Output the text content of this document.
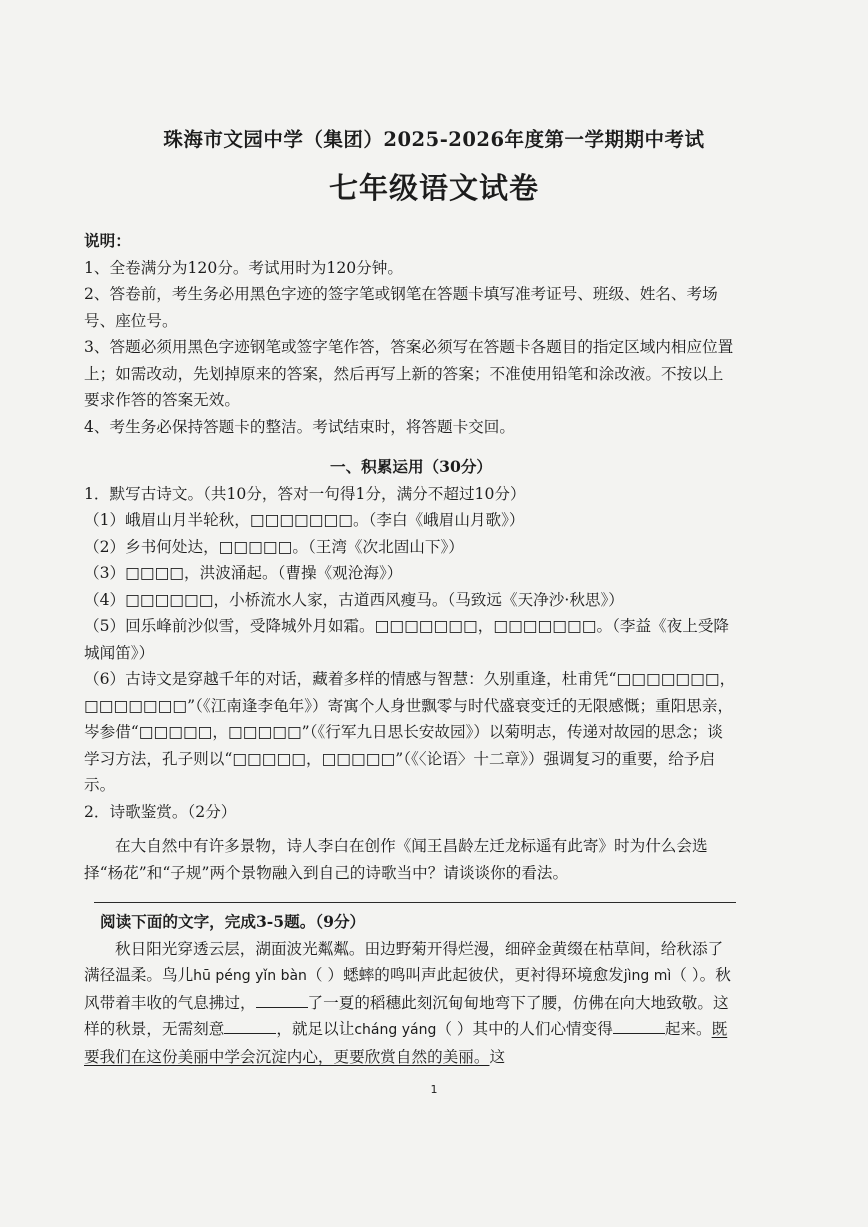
珠海市文园中学（集团）2025-2026年度第一学期期中考试
七年级语文试卷

说明：

1、全卷满分为120分。考试用时为120分钟。

2、答卷前，考生务必用黑色字迹的签字笔或钢笔在答题卡填写准考证号、班级、姓名、考场号、座位号。

3、答题必须用黑色字迹钢笔或签字笔作答，答案必须写在答题卡各题目的指定区域内相应位置上；如需改动，先划掉原来的答案，然后再写上新的答案；不准使用铅笔和涂改液。不按以上要求作答的答案无效。

4、考生务必保持答题卡的整洁。考试结束时，将答题卡交回。

一、积累运用（30分）

1．默写古诗文。（共10分，答对一句得1分，满分不超过10分）

（1）峨眉山月半轮秋，□□□□□□□。（李白《峨眉山月歌》）

（2）乡书何处达，□□□□□。（王湾《次北固山下》）

（3）□□□□，洪波涌起。（曹操《观沧海》）

（4）□□□□□□，小桥流水人家，古道西风瘦马。（马致远《天净沙·秋思》）

（5）回乐峰前沙似雪，受降城外月如霜。□□□□□□□，□□□□□□□。（李益《夜上受降城闻笛》）

（6）古诗文是穿越千年的对话，藏着多样的情感与智慧：久别重逢，杜甫凭“□□□□□□□，□□□□□□□”（《江南逢李龟年》）寄寓个人身世飘零与时代盛衰变迁的无限感慨；重阳思亲，岑参借“□□□□□，□□□□□”（《行军九日思长安故园》）以菊明志，传递对故园的思念；谈学习方法，孔子则以“□□□□□，□□□□□”（《〈论语〉十二章》）强调复习的重要，给予启示。

2．诗歌鉴赏。（2分）

在大自然中有许多景物，诗人李白在创作《闻王昌龄左迁龙标遥有此寄》时为什么会选择“杨花”和“子规”两个景物融入到自己的诗歌当中？请谈谈你的看法。

阅读下面的文字，完成3-5题。（9分）

秋日阳光穿透云层，湖面波光粼粼。田边野菊开得烂漫，细碎金黄缀在枯草间，给秋添了满径温柔。鸟儿hū péng yǐn bàn（ ）蟋蟀的鸣叫声此起彼伏，更衬得环境愈发jìng mì（ ）。秋风带着丰收的气息拂过，	了一夏的稻穗此刻沉甸甸地弯下了腰，仿佛在向大地致敬。这样的秋景，无需刻意	，就足以让cháng yáng（ ）其中的人们心情变得	起来。既要我们在这份美丽中学会沉淀内心，更要欣赏自然的美丽。这

1
